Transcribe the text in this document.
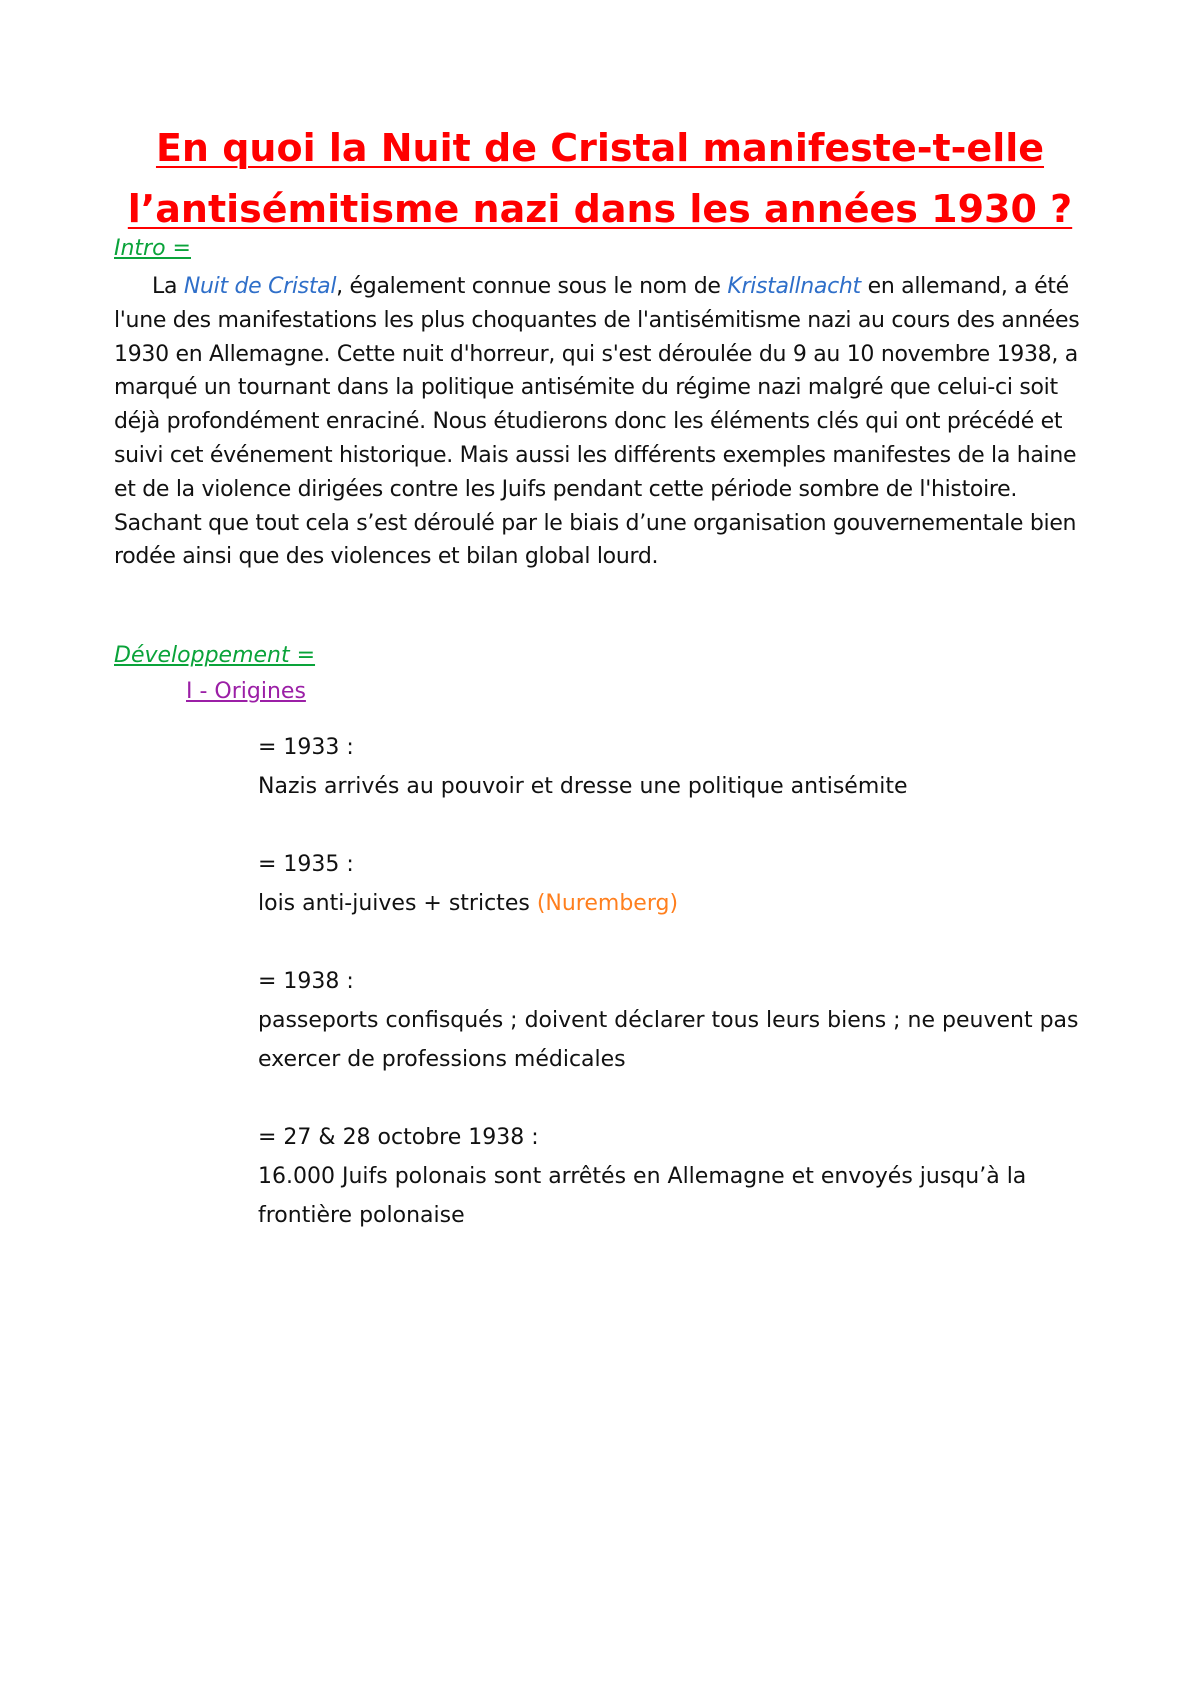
En quoi la Nuit de Cristal manifeste-t-elle l’antisémitisme nazi dans les années 1930 ?

Intro =

La Nuit de Cristal, également connue sous le nom de Kristallnacht en allemand, a été l'une des manifestations les plus choquantes de l'antisémitisme nazi au cours des années 1930 en Allemagne. Cette nuit d'horreur, qui s'est déroulée du 9 au 10 novembre 1938, a marqué un tournant dans la politique antisémite du régime nazi malgré que celui-ci soit déjà profondément enraciné. Nous étudierons donc les éléments clés qui ont précédé et suivi cet événement historique. Mais aussi les différents exemples manifestes de la haine et de la violence dirigées contre les Juifs pendant cette période sombre de l'histoire. Sachant que tout cela s’est déroulé par le biais d’une organisation gouvernementale bien rodée ainsi que des violences et bilan global lourd.

Développement =

I - Origines

= 1933 :

Nazis arrivés au pouvoir et dresse une politique antisémite

= 1935 :

lois anti-juives + strictes (Nuremberg)

= 1938 :

passeports confisqués ; doivent déclarer tous leurs biens ; ne peuvent pas exercer de professions médicales

= 27 & 28 octobre 1938 :

16.000 Juifs polonais sont arrêtés en Allemagne et envoyés jusqu’à la frontière polonaise
